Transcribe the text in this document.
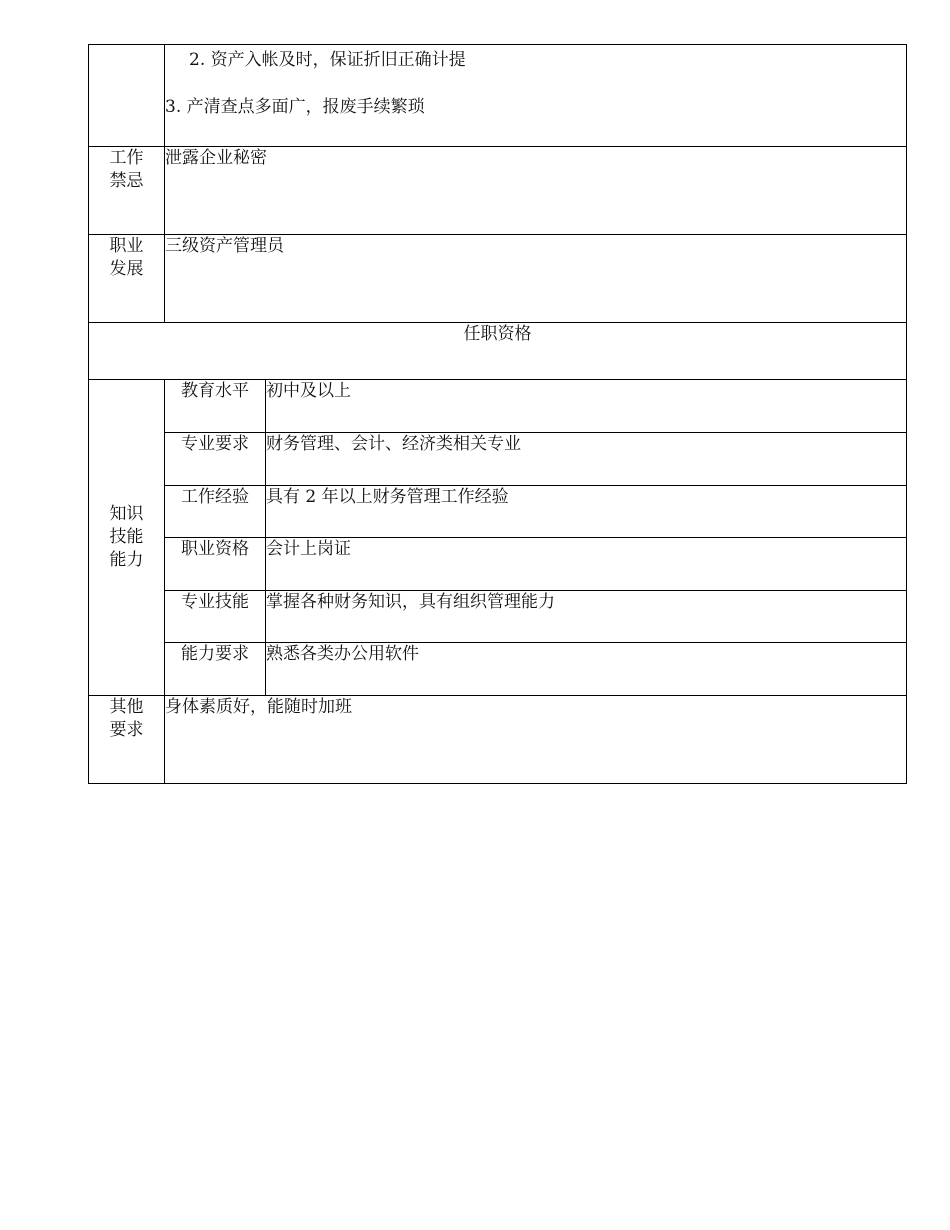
	2. 资产入帐及时，保证折旧正确计提
3. 产清查点多面广，报废手续繁琐	

工作
禁忌	泄露企业秘密	

职业
发展	三级资产管理员	
任职资格		

知识
技能
能力	教育水平	初中及以上
	专业要求	财务管理、会计、经济类相关专业
	工作经验	具有 2 年以上财务管理工作经验
	职业资格	会计上岗证
	专业技能	掌握各种财务知识，具有组织管理能力
	能力要求	熟悉各类办公用软件

其他
要求	身体素质好，能随时加班	
